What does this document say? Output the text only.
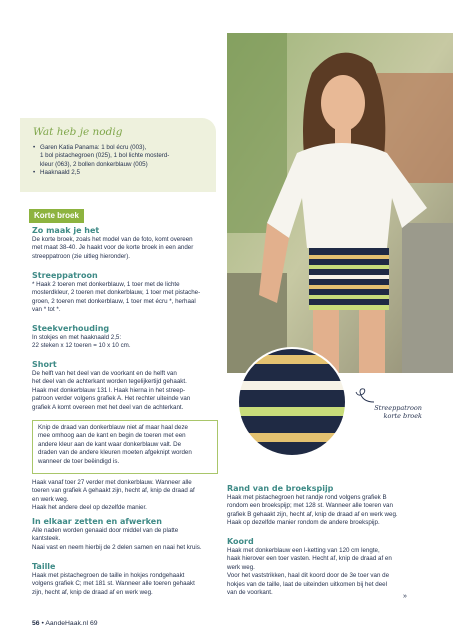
Wat heb je nodig
• Garen Katia Panama: 1 bol écru (003),
1 bol pistachegroen (025), 1 bol lichte mosterd-
kleur (063), 2 bollen donkerblauw (005)
• Haaknaald 2,5
Korte broek
Zo maak je het
De korte broek, zoals het model van de foto, komt overeen
met maat 38-40. Je haakt voor de korte broek in een ander
streeppatroon (zie uitleg hieronder).
Streeppatroon
* Haak 2 toeren met donkerblauw, 1 toer met de lichte
mosterdkleur, 2 toeren met donkerblauw, 1 toer met pistache-
groen, 2 toeren met donkerblauw, 1 toer met écru *, herhaal
van * tot *.
Steekverhouding
In stokjes en met haaknaald 2,5:
22 steken x 12 toeren = 10 x 10 cm.
Short
De helft van het deel van de voorkant en de helft van
het deel van de achterkant worden tegelijkertijd gehaakt.
Haak met donkerblauw 131 l. Haak hierna in het streep-
patroon verder volgens grafiek A. Het rechter uiteinde van
grafiek A komt overeen met het deel van de achterkant.
Knip de draad van donkerblauw niet af maar haal deze
mee omhoog aan de kant en begin de toeren met een
andere kleur aan de kant waar donkerblauw valt. De
draden van de andere kleuren moeten afgeknipt worden
wanneer de toer beëindigd is.
Haak vanaf toer 27 verder met donkerblauw. Wanneer alle
toeren van grafiek A gehaakt zijn, hecht af, knip de draad af
en werk weg.
Haak het andere deel op dezelfde manier.
In elkaar zetten en afwerken
Alle naden worden genaaid door middel van de platte
kantsteek.
Naai vast en neem hierbij de 2 delen samen en naai het kruis.
Taille
Haak met pistachegroen de taille in hokjes rondgehaakt
volgens grafiek C; met 181 st. Wanneer alle toeren gehaakt
zijn, hecht af, knip de draad af en werk weg.
Streeppatroon
korte broek
Rand van de broekspijp
Haak met pistachegroen het randje rond volgens grafiek B
rondom een broekspijp; met 128 st. Wanneer alle toeren van
grafiek B gehaakt zijn, hecht af, knip de draad af en werk weg.
Haak op dezelfde manier rondom de andere broekspijp.
Koord
Haak met donkerblauw een l-ketting van 120 cm lengte,
haak hierover een toer vasten. Hecht af, knip de draad af en
werk weg.
Voor het vaststrikken, haal dit koord door de 3e toer van de
hokjes van de taille, laat de uiteinden uitkomen bij het deel
van de voorkant.
»
56 • AandeHaak.nl 69
